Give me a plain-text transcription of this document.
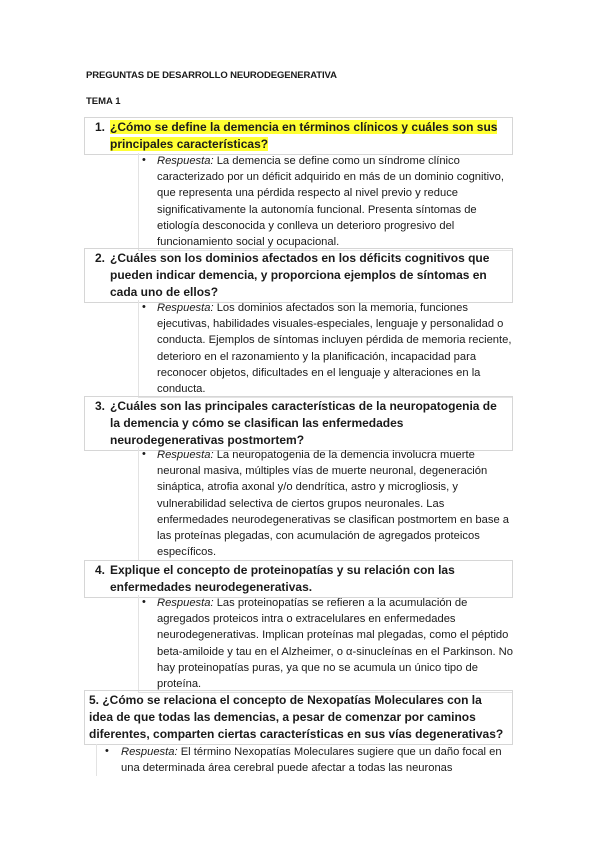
PREGUNTAS DE DESARROLLO NEURODEGENERATIVA
TEMA 1
1. ¿Cómo se define la demencia en términos clínicos y cuáles son sus principales características?
• Respuesta: La demencia se define como un síndrome clínico caracterizado por un déficit adquirido en más de un dominio cognitivo, que representa una pérdida respecto al nivel previo y reduce significativamente la autonomía funcional. Presenta síntomas de etiología desconocida y conlleva un deterioro progresivo del funcionamiento social y ocupacional.
2. ¿Cuáles son los dominios afectados en los déficits cognitivos que pueden indicar demencia, y proporciona ejemplos de síntomas en cada uno de ellos?
• Respuesta: Los dominios afectados son la memoria, funciones ejecutivas, habilidades visuales-especiales, lenguaje y personalidad o conducta. Ejemplos de síntomas incluyen pérdida de memoria reciente, deterioro en el razonamiento y la planificación, incapacidad para reconocer objetos, dificultades en el lenguaje y alteraciones en la conducta.
3. ¿Cuáles son las principales características de la neuropatogenia de la demencia y cómo se clasifican las enfermedades neurodegenerativas postmortem?
• Respuesta: La neuropatogenia de la demencia involucra muerte neuronal masiva, múltiples vías de muerte neuronal, degeneración sináptica, atrofia axonal y/o dendrítica, astro y microgliosis, y vulnerabilidad selectiva de ciertos grupos neuronales. Las enfermedades neurodegenerativas se clasifican postmortem en base a las proteínas plegadas, con acumulación de agregados proteicos específicos.
4. Explique el concepto de proteinopatías y su relación con las enfermedades neurodegenerativas.
• Respuesta: Las proteinopatías se refieren a la acumulación de agregados proteicos intra o extracelulares en enfermedades neurodegenerativas. Implican proteínas mal plegadas, como el péptido beta-amiloide y tau en el Alzheimer, o α-sinucleínas en el Parkinson. No hay proteinopatías puras, ya que no se acumula un único tipo de proteína.
5. ¿Cómo se relaciona el concepto de Nexopatías Moleculares con la idea de que todas las demencias, a pesar de comenzar por caminos diferentes, comparten ciertas características en sus vías degenerativas?
• Respuesta: El término Nexopatías Moleculares sugiere que un daño focal en una determinada área cerebral puede afectar a todas las neuronas
